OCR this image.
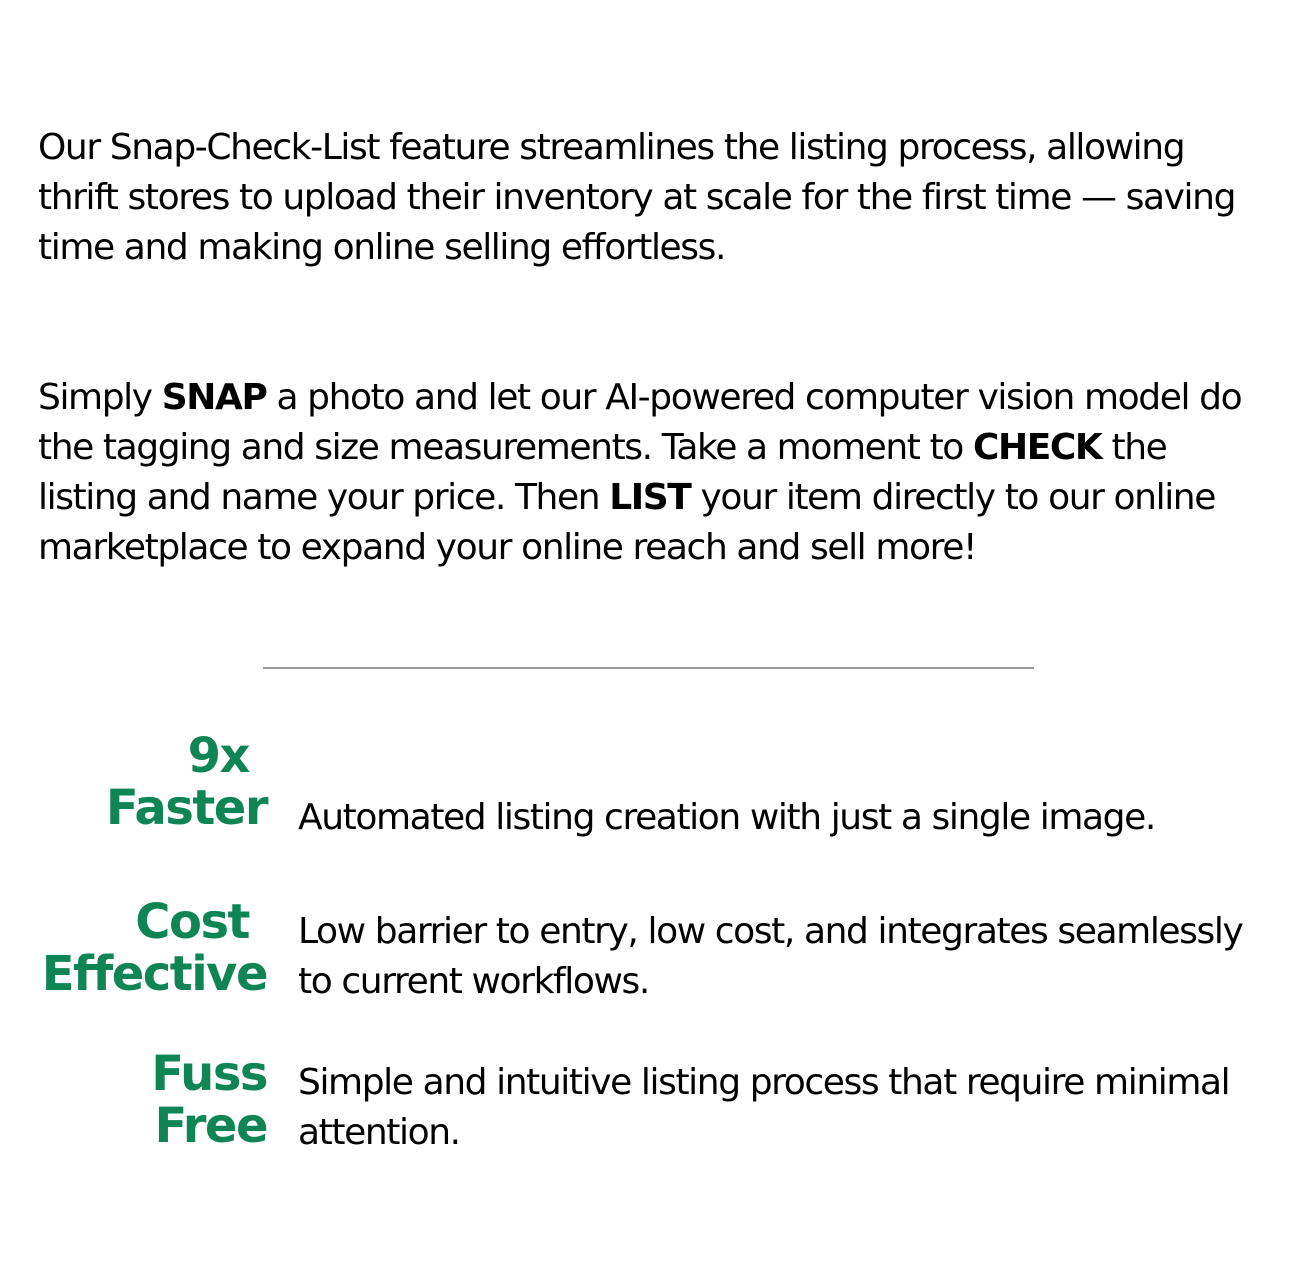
Our Snap-Check-List feature streamlines the listing process, allowing thrift stores to upload their inventory at scale for the first time — saving time and making online selling effortless.

Simply SNAP a photo and let our AI-powered computer vision model do the tagging and size measurements. Take a moment to CHECK the listing and name your price. Then LIST your item directly to our online marketplace to expand your online reach and sell more!

9x
Faster Automated listing creation with just a single image.
Cost
Effective
Low barrier to entry, low cost, and integrates seamlessly to current workflows.
Fuss
Free
Simple and intuitive listing process that require minimal attention.
